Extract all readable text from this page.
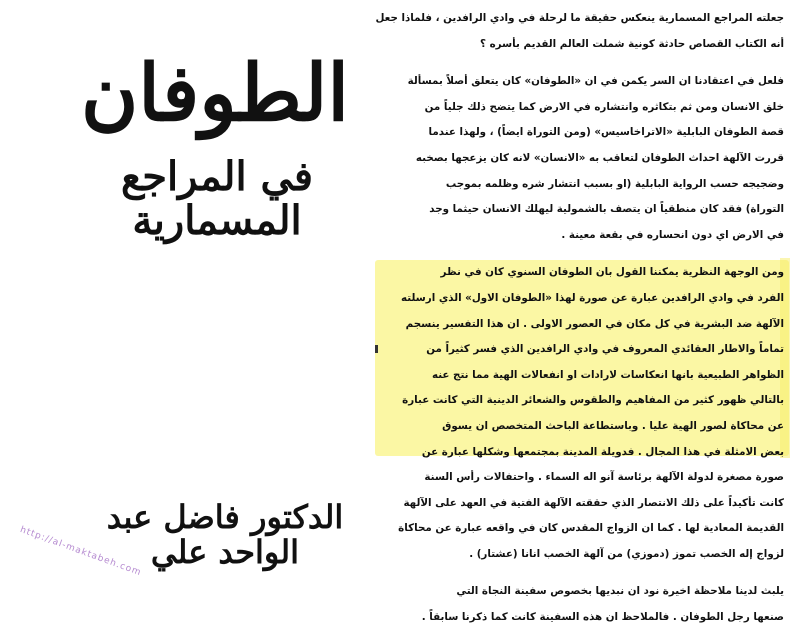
الطوفان
في المراجع المسمارية
الدكتور فاضل عبد الواحد علي
http://al-maktabeh.com
جعلته المراجع المسمارية ينعكس حقيقة ما لرحلة في وادي الرافدين ، فلماذا جعل
أنه الكتاب القصاص حادثة كونية شملت العالم القديم بأسره ؟
فلعل في اعتقادنا ان السر يكمن في ان «الطوفان» كان يتعلق أصلاً بمسألة
خلق الانسان ومن ثم بتكاثره وانتشاره في الارض كما يتضح ذلك جلياً من
قصة الطوفان البابلية «الاتراخاسيس» (ومن التوراة ايضاً) ، ولهذا عندما
قررت الآلهة احداث الطوفان لتعاقب به «الانسان» لانه كان يزعجها بصخبه
وضجيجه حسب الرواية البابلية (او بسبب انتشار شره وظلمه بموجب
التوراة) فقد كان منطقياً ان يتصف بالشمولية ليهلك الانسان حيثما وجد
في الارض اي دون انحساره في بقعة معينة .
ومن الوجهة النظرية يمكننا القول بان الطوفان السنوي كان في نظر
الفرد في وادي الرافدين عبارة عن صورة لهذا «الطوفان الاول» الذي ارسلته
الآلهة ضد البشرية في كل مكان في العصور الاولى . ان هذا التفسير ينسجم
تماماً والاطار العقائدي المعروف في وادي الرافدين الذي فسر كثيراً من
الظواهر الطبيعية بانها انعكاسات لارادات او انفعالات الهية مما نتج عنه
بالتالي ظهور كثير من المفاهيم والطقوس والشعائر الدينية التي كانت عبارة
عن محاكاة لصور الهية عليا . وباستطاعة الباحث المتخصص ان يسوق
بعض الامثلة في هذا المجال . فدويلة المدينة بمجتمعها وشكلها عبارة عن
صورة مصغرة لدولة الآلهة برئاسة آنو اله السماء . واحتفالات رأس السنة
كانت تأكيداً على ذلك الانتصار الذي حققته الآلهة الفتية في العهد على الآلهة
القديمة المعادية لها . كما ان الزواج المقدس كان في واقعه عبارة عن محاكاة
لزواج إله الخصب تموز (دموزي) من آلهة الخصب انانا (عشتار) .
يلبث لدينا ملاحظة اخيرة نود ان نبديها بخصوص سفينة النجاة التي
صنعها رجل الطوفان . فالملاحظ ان هذه السفينة كانت كما ذكرنا سابقاً .
